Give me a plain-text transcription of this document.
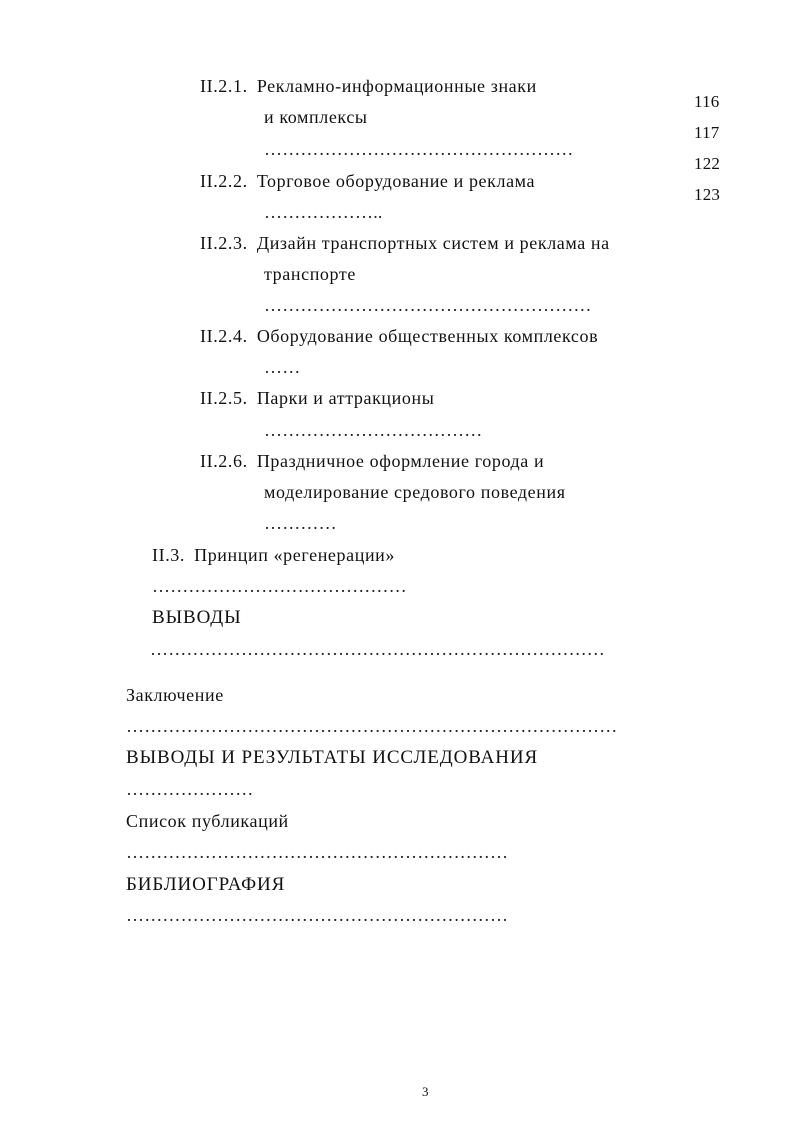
II.2.1. Рекламно-информационные знаки
и комплексы
……………………………………………
116
117
122
123
II.2.2. Торговое оборудование и реклама
………………..
II.2.3. Дизайн транспортных систем и реклама на
транспорте
………………………………………………
II.2.4. Оборудование общественных комплексов
……
II.2.5. Парки и аттракционы
………………………………
II.2.6. Праздничное оформление города и
моделирование средового поведения
…………
II.3. Принцип «регенерации»
……………………………………
ВЫВОДЫ
…………………………………………………………………
Заключение
………………………………………………………………………
ВЫВОДЫ И РЕЗУЛЬТАТЫ ИССЛЕДОВАНИЯ
…………………
Список публикаций
………………………………………………………
БИБЛИОГРАФИЯ
………………………………………………………
3
